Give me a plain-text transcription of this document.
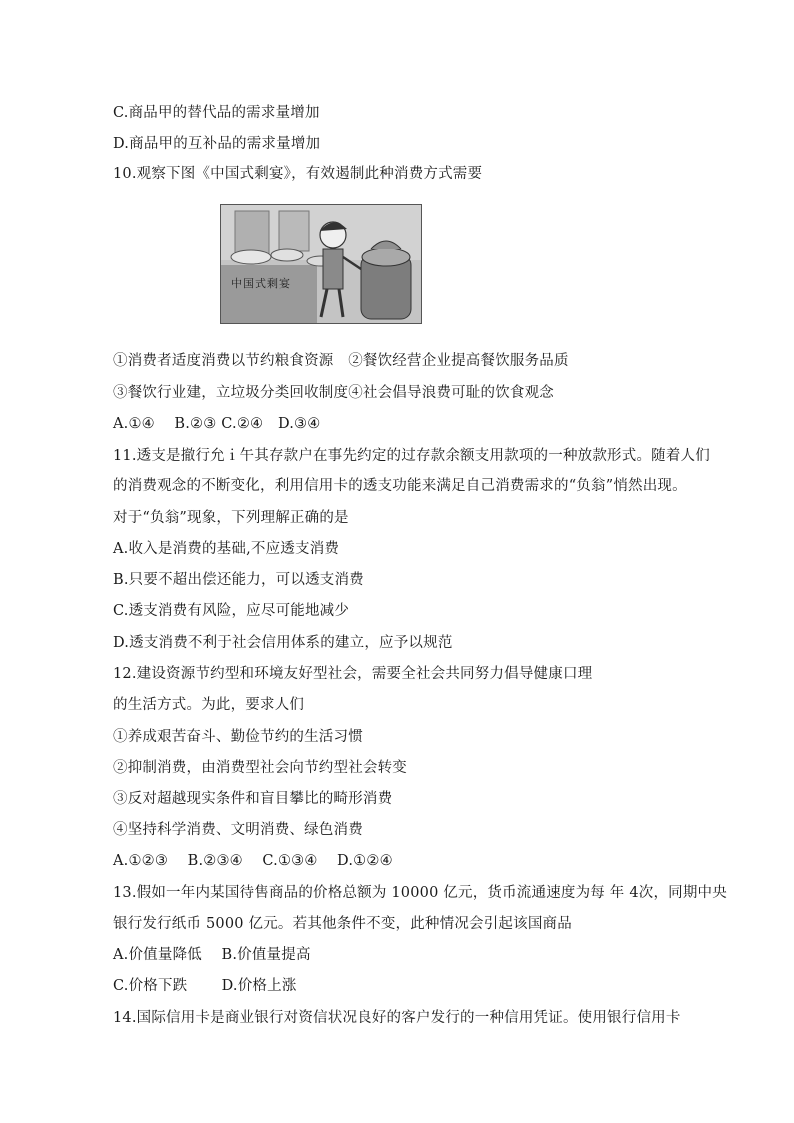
C.商品甲的替代品的需求量增加
D.商品甲的互补品的需求量增加
10.观察下图《中国式剩宴》，有效遏制此种消费方式需要
中国式剩宴
①消费者适度消费以节约粮食资源　②餐饮经营企业提高餐饮服务品质
③餐饮行业建，立垃圾分类回收制度④社会倡导浪费可耻的饮食观念
A.①④　 B.②③ C.②④　D.③④
11.透支是撤行允ｉ午其存款户在事先约定的过存款余额支用款项的一种放款形式。随着人们
的消费观念的不断变化，利用信用卡的透支功能来满足自己消费需求的“负翁”悄然出现。
对于“负翁”现象，下列理解正确的是
A.收入是消费的基础,不应透支消费
B.只要不超出偿还能力，可以透支消费
C.透支消费有风险，应尽可能地减少
D.透支消费不利于社会信用体系的建立，应予以规范
12.建设资源节约型和环境友好型社会，需要全社会共同努力倡导健康口理
的生活方式。为此，要求人们
①养成艰苦奋斗、勤俭节约的生活习惯
②抑制消费，由消费型社会向节约型社会转变
③反对超越现实条件和盲目攀比的畸形消费
④坚持科学消费、文明消费、绿色消费
A.①②③　 B.②③④　 C.①③④　 D.①②④
13.假如一年内某国待售商品的价格总额为 10000 亿元，货币流通速度为每 年 4次，同期中央
银行发行纸币 5000 亿元。若其他条件不变，此种情况会引起该国商品
A.价值量降低　 B.价值量提高
C.价格下跌　　 D.价格上涨
14.国际信用卡是商业银行对资信状况良好的客户发行的一种信用凭证。使用银行信用卡
